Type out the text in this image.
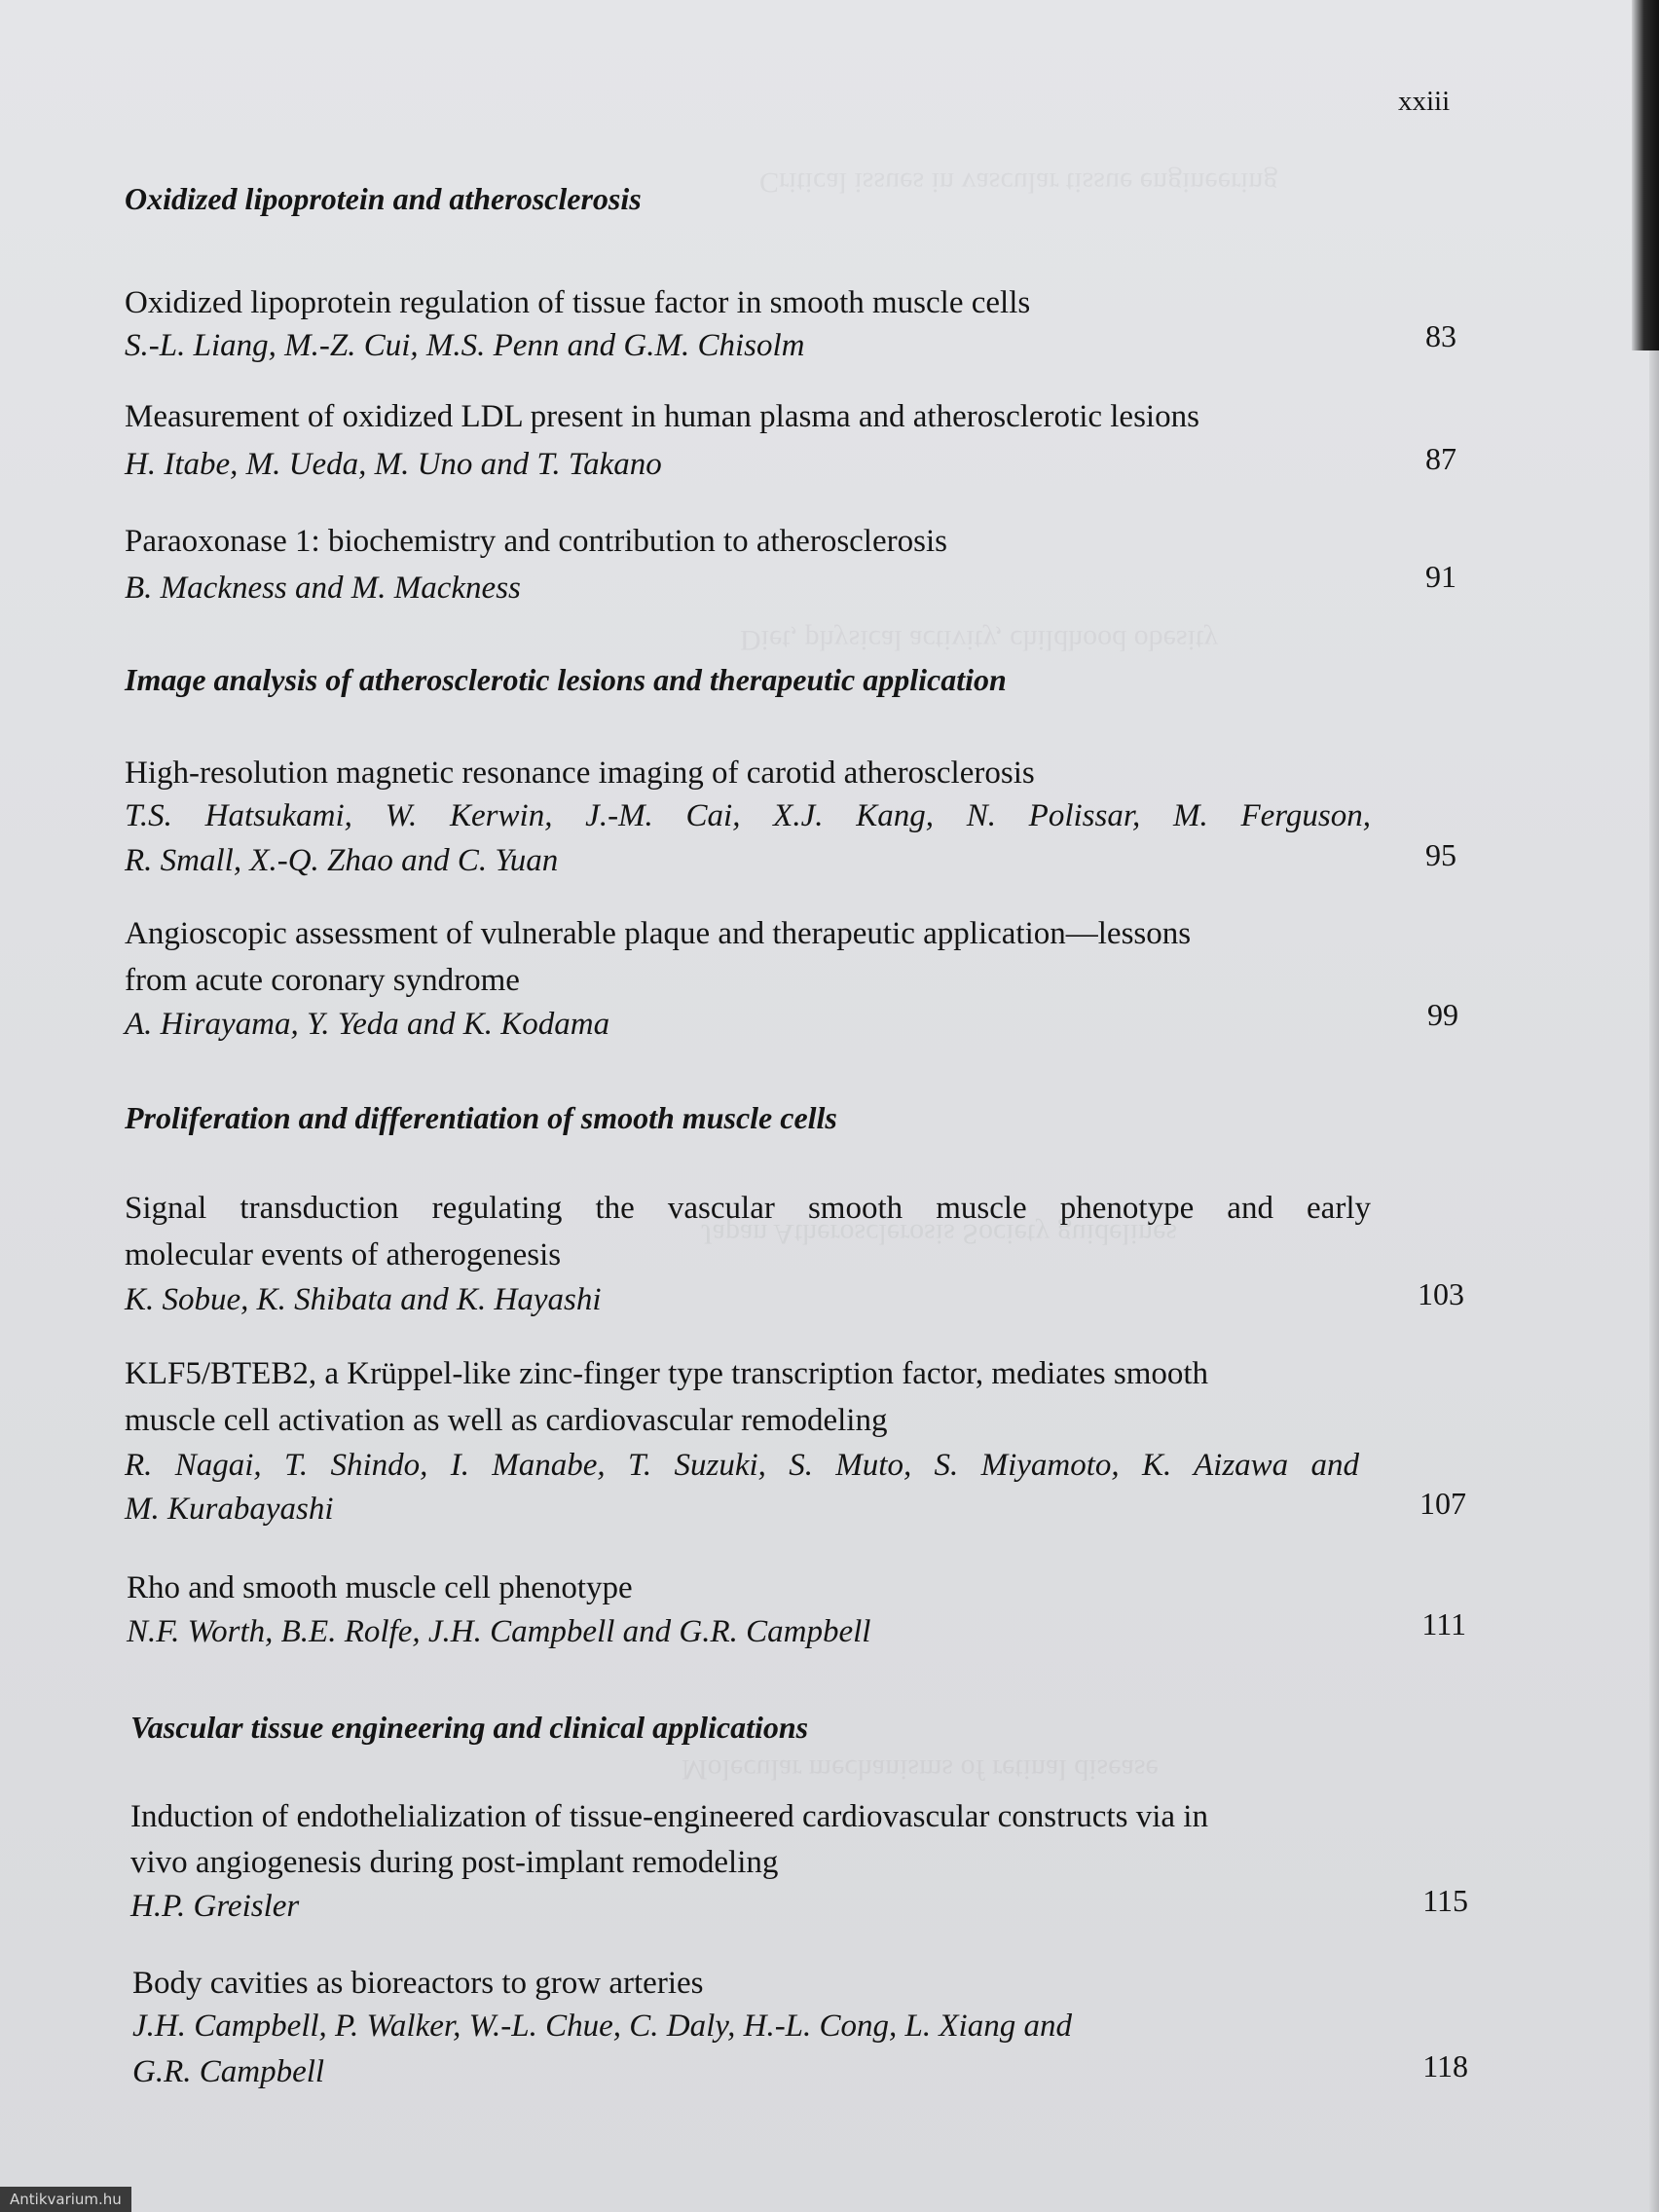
Critical issues in vascular tissue engineering
Diet, physical activity, childhood obesity
Japan Atherosclerosis Society guidelines
Molecular mechanisms of retinal disease
xxiii
Oxidized lipoprotein and atherosclerosis
Oxidized lipoprotein regulation of tissue factor in smooth muscle cells
S.-L. Liang, M.-Z. Cui, M.S. Penn and G.M. Chisolm	83
Measurement of oxidized LDL present in human plasma and atherosclerotic lesions
H. Itabe, M. Ueda, M. Uno and T. Takano	87
Paraoxonase 1: biochemistry and contribution to atherosclerosis
B. Mackness and M. Mackness	91
Image analysis of atherosclerotic lesions and therapeutic application
High-resolution magnetic resonance imaging of carotid atherosclerosis
T.S. Hatsukami, W. Kerwin, J.-M. Cai, X.J. Kang, N. Polissar, M. Ferguson,
R. Small, X.-Q. Zhao and C. Yuan	95
Angioscopic assessment of vulnerable plaque and therapeutic application—lessons
from acute coronary syndrome
A. Hirayama, Y. Yeda and K. Kodama	99
Proliferation and differentiation of smooth muscle cells
Signal transduction regulating the vascular smooth muscle phenotype and early
molecular events of atherogenesis
K. Sobue, K. Shibata and K. Hayashi	103
KLF5/BTEB2, a Krüppel-like zinc-finger type transcription factor, mediates smooth
muscle cell activation as well as cardiovascular remodeling
R. Nagai, T. Shindo, I. Manabe, T. Suzuki, S. Muto, S. Miyamoto, K. Aizawa and
M. Kurabayashi	107
Rho and smooth muscle cell phenotype
N.F. Worth, B.E. Rolfe, J.H. Campbell and G.R. Campbell	111
Vascular tissue engineering and clinical applications
Induction of endothelialization of tissue-engineered cardiovascular constructs via in
vivo angiogenesis during post-implant remodeling
H.P. Greisler	115
Body cavities as bioreactors to grow arteries
J.H. Campbell, P. Walker, W.-L. Chue, C. Daly, H.-L. Cong, L. Xiang and
G.R. Campbell	118
Antikvarium.hu
